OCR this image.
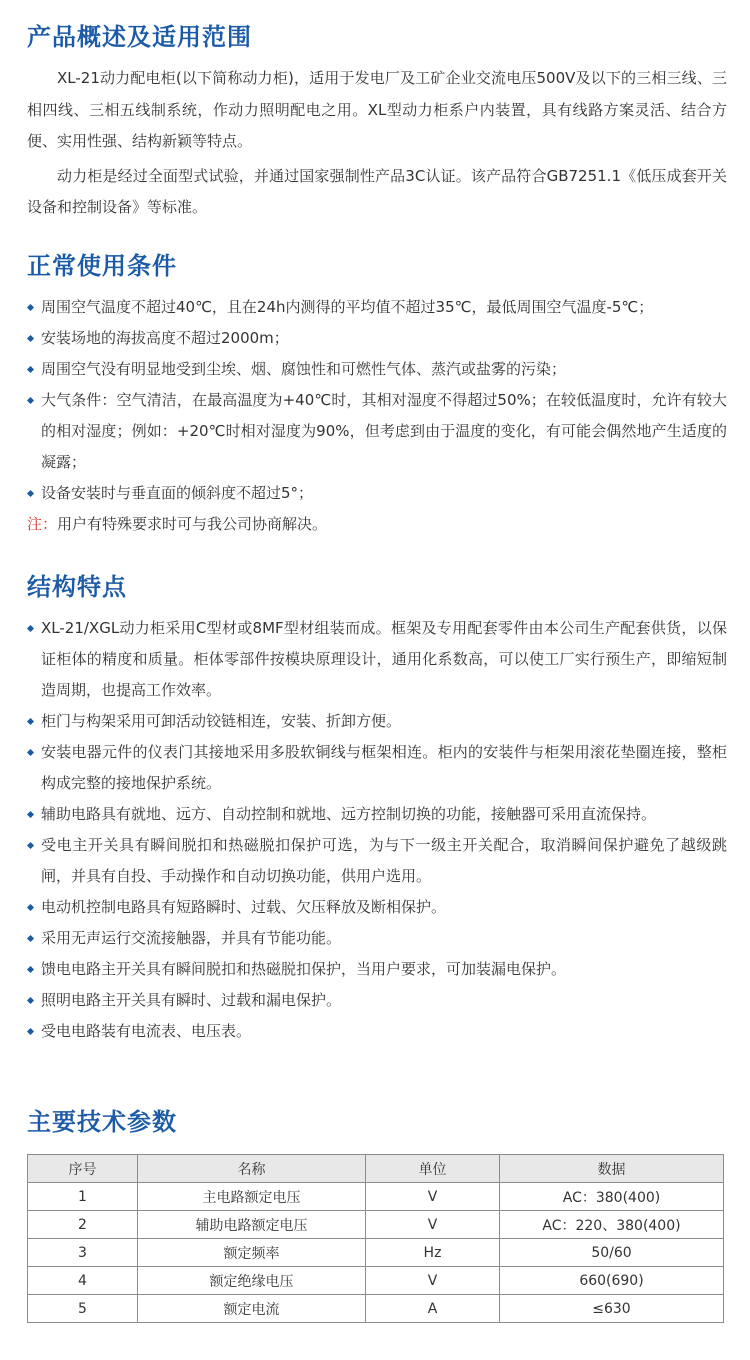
产品概述及适用范围

XL-21动力配电柜(以下简称动力柜)，适用于发电厂及工矿企业交流电压500V及以下的三相三线、三相四线、三相五线制系统，作动力照明配电之用。XL型动力柜系户内装置，具有线路方案灵活、结合方便、实用性强、结构新颖等特点。

动力柜是经过全面型式试验，并通过国家强制性产品3C认证。该产品符合GB7251.1《低压成套开关设备和控制设备》等标准。

正常使用条件
周围空气温度不超过40℃，且在24h内测得的平均值不超过35℃，最低周围空气温度-5℃；
安装场地的海拔高度不超过2000m；
周围空气没有明显地受到尘埃、烟、腐蚀性和可燃性气体、蒸汽或盐雾的污染；
大气条件：空气清洁，在最高温度为+40℃时，其相对湿度不得超过50%；在较低温度时，允许有较大的相对湿度；例如：+20℃时相对湿度为90%，但考虑到由于温度的变化，有可能会偶然地产生适度的凝露；
设备安装时与垂直面的倾斜度不超过5°；

注：用户有特殊要求时可与我公司协商解决。

结构特点
XL-21/XGL动力柜采用C型材或8MF型材组装而成。框架及专用配套零件由本公司生产配套供货，以保证柜体的精度和质量。柜体零部件按模块原理设计，通用化系数高，可以使工厂实行预生产，即缩短制造周期，也提高工作效率。
柜门与构架采用可卸活动铰链相连，安装、折卸方便。
安装电器元件的仪表门其接地采用多股软铜线与框架相连。柜内的安装件与柜架用滚花垫圈连接，整柜构成完整的接地保护系统。
辅助电路具有就地、远方、自动控制和就地、远方控制切换的功能，接触器可采用直流保持。
受电主开关具有瞬间脱扣和热磁脱扣保护可选，为与下一级主开关配合，取消瞬间保护避免了越级跳闸，并具有自投、手动操作和自动切换功能，供用户选用。
电动机控制电路具有短路瞬时、过载、欠压释放及断相保护。
采用无声运行交流接触器，并具有节能功能。
馈电电路主开关具有瞬间脱扣和热磁脱扣保护，当用户要求，可加装漏电保护。
照明电路主开关具有瞬时、过载和漏电保护。
受电电路装有电流表、电压表。
主要技术参数
序号	名称	单位	数据
1	主电路额定电压	V	AC：380(400)
2	辅助电路额定电压	V	AC：220、380(400)
3	额定频率	Hz	50/60
4	额定绝缘电压	V	660(690)
5	额定电流	A	≤630
